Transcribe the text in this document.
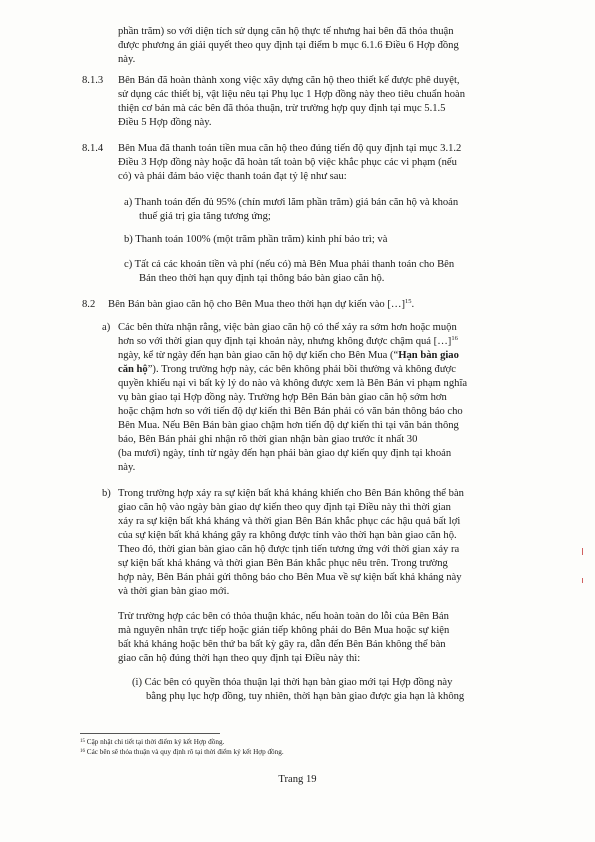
phần trăm) so với diện tích sử dụng căn hộ thực tế nhưng hai bên đã thỏa thuận
được phương án giải quyết theo quy định tại điểm b mục 6.1.6 Điều 6 Hợp đồng
này.
8.1.3 Bên Bán đã hoàn thành xong việc xây dựng căn hộ theo thiết kế được phê duyệt,
sử dụng các thiết bị, vật liệu nêu tại Phụ lục 1 Hợp đồng này theo tiêu chuẩn hoàn
thiện cơ bản mà các bên đã thỏa thuận, trừ trường hợp quy định tại mục 5.1.5
Điều 5 Hợp đồng này.
8.1.4 Bên Mua đã thanh toán tiền mua căn hộ theo đúng tiến độ quy định tại mục 3.1.2
Điều 3 Hợp đồng này hoặc đã hoàn tất toàn bộ việc khắc phục các vi phạm (nếu
có) và phải đảm bảo việc thanh toán đạt tỷ lệ như sau:
a) Thanh toán đến đủ 95% (chín mươi lăm phần trăm) giá bán căn hộ và khoản
thuế giá trị gia tăng tương ứng;
b) Thanh toán 100% (một trăm phần trăm) kinh phí bảo trì; và
c) Tất cả các khoản tiền và phí (nếu có) mà Bên Mua phải thanh toán cho Bên
Bán theo thời hạn quy định tại thông báo bàn giao căn hộ.
8.2 Bên Bán bàn giao căn hộ cho Bên Mua theo thời hạn dự kiến vào […]$^{15}$.
a) Các bên thừa nhận rằng, việc bàn giao căn hộ có thể xảy ra sớm hơn hoặc muộn
hơn so với thời gian quy định tại khoản này, nhưng không được chậm quá […]$^{16}$
ngày, kể từ ngày đến hạn bàn giao căn hộ dự kiến cho Bên Mua (“Hạn bàn giao
căn hộ”). Trong trường hợp này, các bên không phải bồi thường và không được
quyền khiếu nại vì bất kỳ lý do nào và không được xem là Bên Bán vi phạm nghĩa
vụ bàn giao tại Hợp đồng này. Trường hợp Bên Bán bàn giao căn hộ sớm hơn
hoặc chậm hơn so với tiến độ dự kiến thì Bên Bán phải có văn bản thông báo cho
Bên Mua. Nếu Bên Bán bàn giao chậm hơn tiến độ dự kiến thì tại văn bản thông
báo, Bên Bán phải ghi nhận rõ thời gian nhận bàn giao trước ít nhất 30
(ba mươi) ngày, tính từ ngày đến hạn phải bàn giao dự kiến quy định tại khoản
này.
b) Trong trường hợp xảy ra sự kiện bất khả kháng khiến cho Bên Bán không thể bàn
giao căn hộ vào ngày bàn giao dự kiến theo quy định tại Điều này thì thời gian
xảy ra sự kiện bất khả kháng và thời gian Bên Bán khắc phục các hậu quả bất lợi
của sự kiện bất khả kháng gây ra không được tính vào thời hạn bàn giao căn hộ.
Theo đó, thời gian bàn giao căn hộ được tịnh tiến tương ứng với thời gian xảy ra
sự kiện bất khả kháng và thời gian Bên Bán khắc phục nêu trên. Trong trường
hợp này, Bên Bán phải gửi thông báo cho Bên Mua về sự kiện bất khả kháng này
và thời gian bàn giao mới.
Trừ trường hợp các bên có thỏa thuận khác, nếu hoàn toàn do lỗi của Bên Bán
mà nguyên nhân trực tiếp hoặc gián tiếp không phải do Bên Mua hoặc sự kiện
bất khả kháng hoặc bên thứ ba bất kỳ gây ra, dẫn đến Bên Bán không thể bàn
giao căn hộ đúng thời hạn theo quy định tại Điều này thì:
(i) Các bên có quyền thỏa thuận lại thời hạn bàn giao mới tại Hợp đồng này
bằng phụ lục hợp đồng, tuy nhiên, thời hạn bàn giao được gia hạn là không
$^{15}$ Cập nhật chi tiết tại thời điểm ký kết Hợp đồng.
$^{16}$ Các bên sẽ thỏa thuận và quy định rõ tại thời điểm ký kết Hợp đồng.
Trang 19
